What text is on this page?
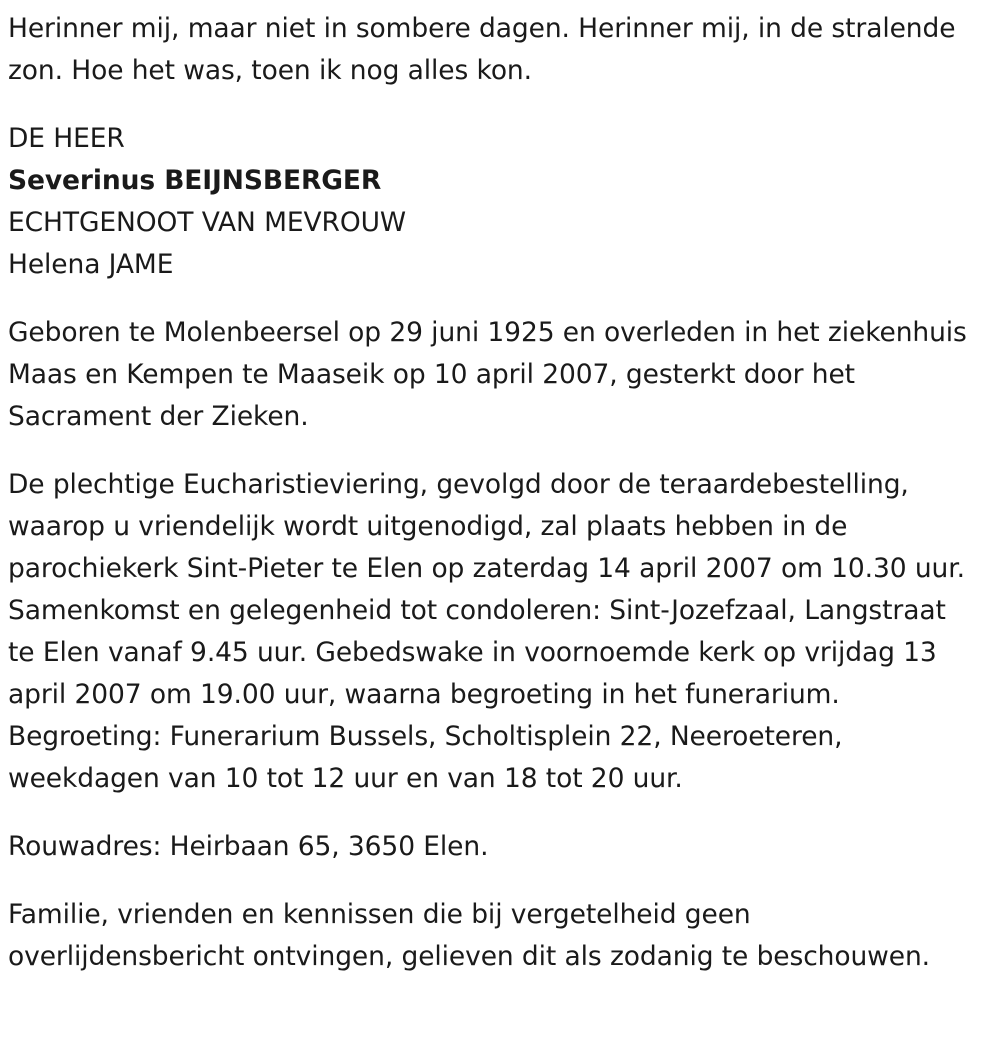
Herinner mij, maar niet in sombere dagen. Herinner mij, in de stralende
zon. Hoe het was, toen ik nog alles kon.
DE HEER
Severinus BEIJNSBERGER
ECHTGENOOT VAN MEVROUW
Helena JAME
Geboren te Molenbeersel op 29 juni 1925 en overleden in het ziekenhuis
Maas en Kempen te Maaseik op 10 april 2007, gesterkt door het
Sacrament der Zieken.
De plechtige Eucharistieviering, gevolgd door de teraardebestelling,
waarop u vriendelijk wordt uitgenodigd, zal plaats hebben in de
parochiekerk Sint-Pieter te Elen op zaterdag 14 april 2007 om 10.30 uur.
Samenkomst en gelegenheid tot condoleren: Sint-Jozefzaal, Langstraat
te Elen vanaf 9.45 uur. Gebedswake in voornoemde kerk op vrijdag 13
april 2007 om 19.00 uur, waarna begroeting in het funerarium.
Begroeting: Funerarium Bussels, Scholtisplein 22, Neeroeteren,
weekdagen van 10 tot 12 uur en van 18 tot 20 uur.
Rouwadres: Heirbaan 65, 3650 Elen.
Familie, vrienden en kennissen die bij vergetelheid geen
overlijdensbericht ontvingen, gelieven dit als zodanig te beschouwen.
